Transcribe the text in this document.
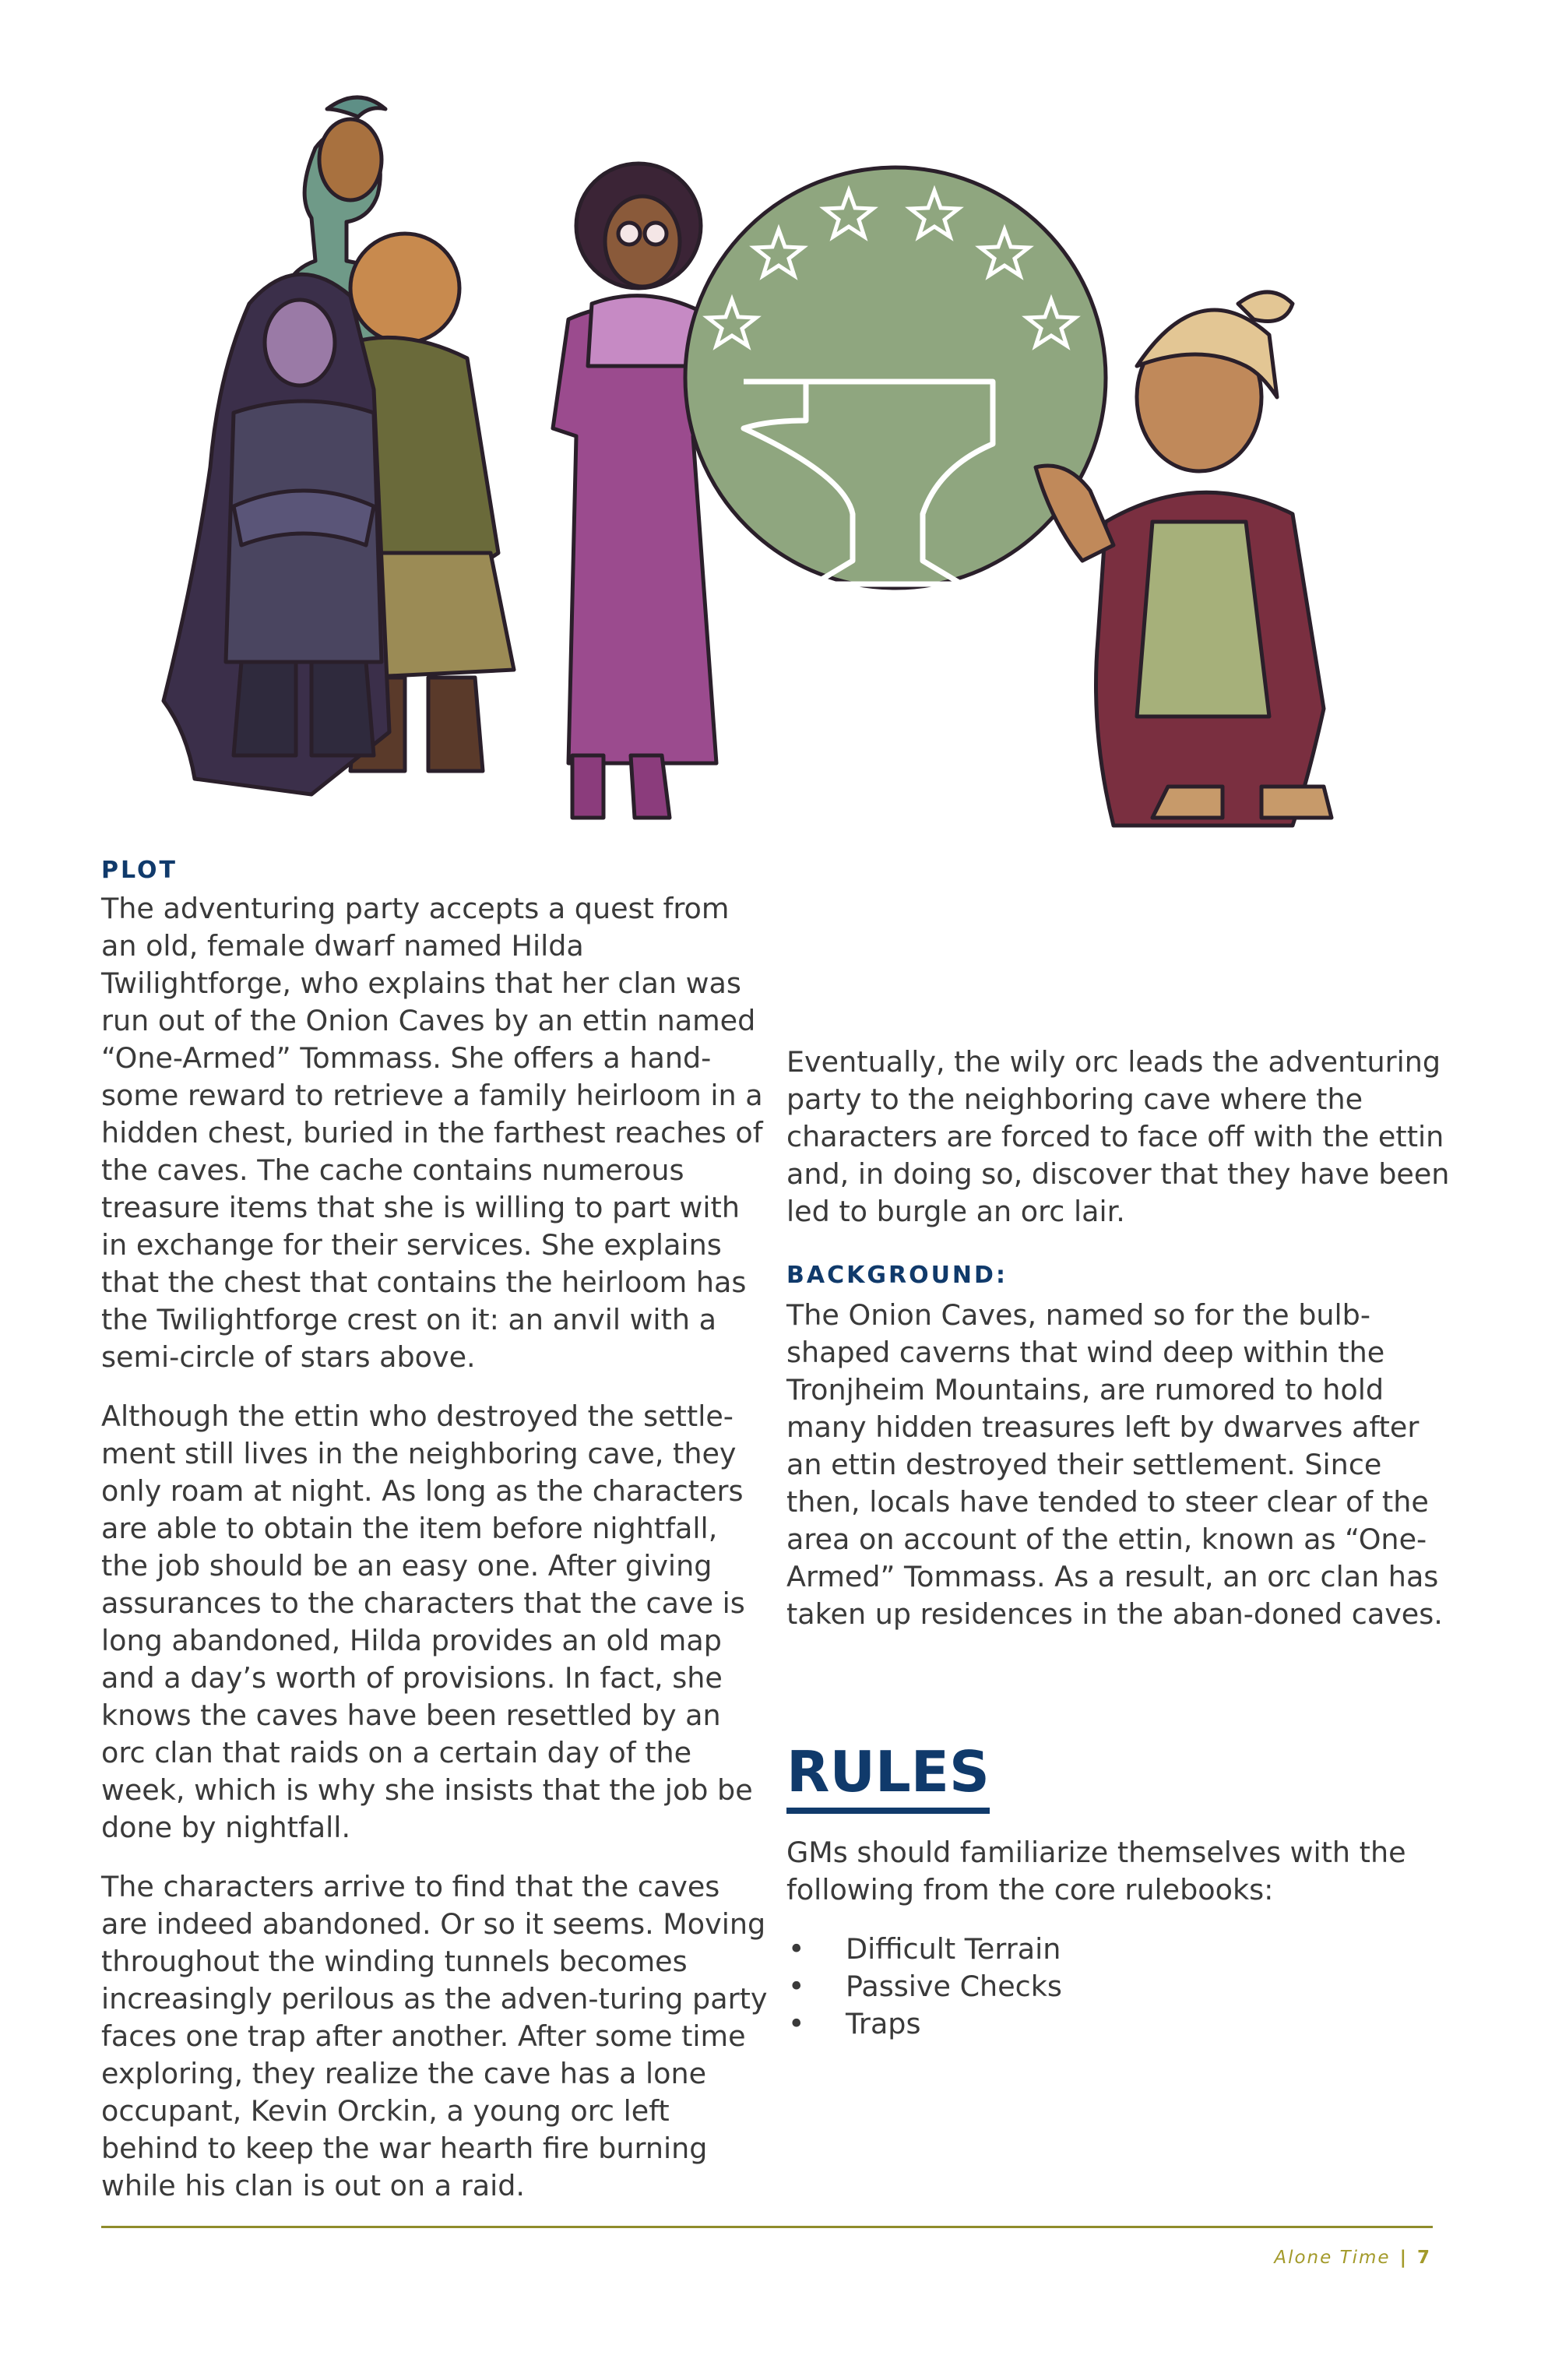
PLOT

The adventuring party accepts a quest from an old, female dwarf named Hilda Twilightforge, who explains that her clan was run out of the Onion Caves by an ettin named “One-Armed” Tommass. She offers a hand-some reward to retrieve a family heirloom in a hidden chest, buried in the farthest reaches of the caves. The cache contains numerous treasure items that she is willing to part with in exchange for their services. She explains that the chest that contains the heirloom has the Twilightforge crest on it: an anvil with a semi-circle of stars above.

Although the ettin who destroyed the settle-ment still lives in the neighboring cave, they only roam at night. As long as the characters are able to obtain the item before nightfall, the job should be an easy one. After giving assurances to the characters that the cave is long abandoned, Hilda provides an old map and a day’s worth of provisions. In fact, she knows the caves have been resettled by an orc clan that raids on a certain day of the week, which is why she insists that the job be done by nightfall.

The characters arrive to find that the caves are indeed abandoned. Or so it seems. Moving throughout the winding tunnels becomes increasingly perilous as the adven-turing party faces one trap after another. After some time exploring, they realize the cave has a lone occupant, Kevin Orckin, a young orc left behind to keep the war hearth fire burning while his clan is out on a raid.

Eventually, the wily orc leads the adventuring party to the neighboring cave where the characters are forced to face off with the ettin and, in doing so, discover that they have been led to burgle an orc lair.

BACKGROUND:

The Onion Caves, named so for the bulb-shaped caverns that wind deep within the Tronjheim Mountains, are rumored to hold many hidden treasures left by dwarves after an ettin destroyed their settlement. Since then, locals have tended to steer clear of the area on account of the ettin, known as “One-Armed” Tommass. As a result, an orc clan has taken up residences in the aban-doned caves.

RULES

GMs should familiarize themselves with the following from the core rulebooks:

•	Difficult Terrain
•	Passive Checks
•	Traps
Alone Time | 7
